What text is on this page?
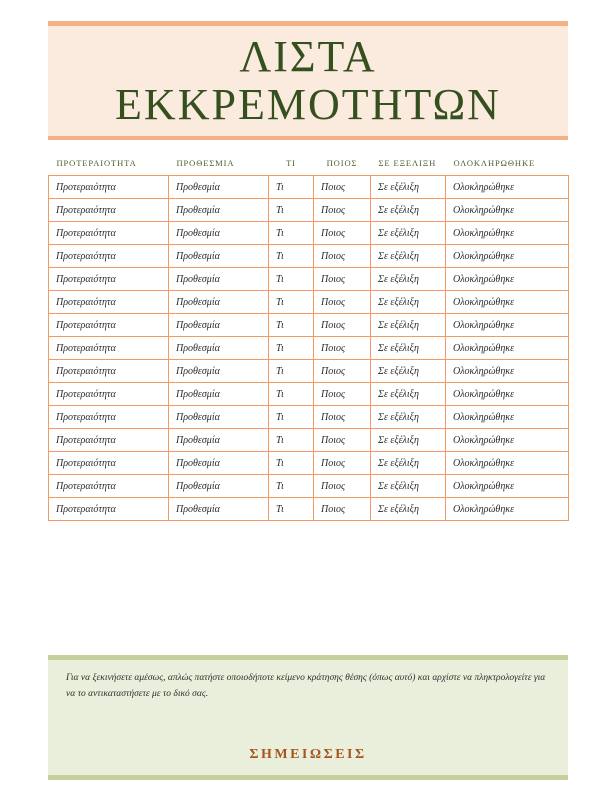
ΛΙΣΤΑ
ΕΚΚΡΕΜΟΤΗΤΩΝ
ΠΡΟΤΕΡΑΙΟΤΗΤΑ	ΠΡΟΘΕΣΜΙΑ	ΤΙ	ΠΟΙΟΣ	ΣΕ ΕΞΕΛΙΞΗ	ΟΛΟΚΛΗΡΩΘΗΚΕ
Προτεραιότητα	Προθεσμία	Τι	Ποιος	Σε εξέλιξη	Ολοκληρώθηκε
Προτεραιότητα	Προθεσμία	Τι	Ποιος	Σε εξέλιξη	Ολοκληρώθηκε
Προτεραιότητα	Προθεσμία	Τι	Ποιος	Σε εξέλιξη	Ολοκληρώθηκε
Προτεραιότητα	Προθεσμία	Τι	Ποιος	Σε εξέλιξη	Ολοκληρώθηκε
Προτεραιότητα	Προθεσμία	Τι	Ποιος	Σε εξέλιξη	Ολοκληρώθηκε
Προτεραιότητα	Προθεσμία	Τι	Ποιος	Σε εξέλιξη	Ολοκληρώθηκε
Προτεραιότητα	Προθεσμία	Τι	Ποιος	Σε εξέλιξη	Ολοκληρώθηκε
Προτεραιότητα	Προθεσμία	Τι	Ποιος	Σε εξέλιξη	Ολοκληρώθηκε
Προτεραιότητα	Προθεσμία	Τι	Ποιος	Σε εξέλιξη	Ολοκληρώθηκε
Προτεραιότητα	Προθεσμία	Τι	Ποιος	Σε εξέλιξη	Ολοκληρώθηκε
Προτεραιότητα	Προθεσμία	Τι	Ποιος	Σε εξέλιξη	Ολοκληρώθηκε
Προτεραιότητα	Προθεσμία	Τι	Ποιος	Σε εξέλιξη	Ολοκληρώθηκε
Προτεραιότητα	Προθεσμία	Τι	Ποιος	Σε εξέλιξη	Ολοκληρώθηκε
Προτεραιότητα	Προθεσμία	Τι	Ποιος	Σε εξέλιξη	Ολοκληρώθηκε
Προτεραιότητα	Προθεσμία	Τι	Ποιος	Σε εξέλιξη	Ολοκληρώθηκε
Για να ξεκινήσετε αμέσως, απλώς πατήστε οποιοδήποτε κείμενο κράτησης θέσης (όπως αυτό) και αρχίστε να πληκτρολογείτε για να το αντικαταστήσετε με το δικό σας.
ΣΗΜΕΙΩΣΕΙΣ
